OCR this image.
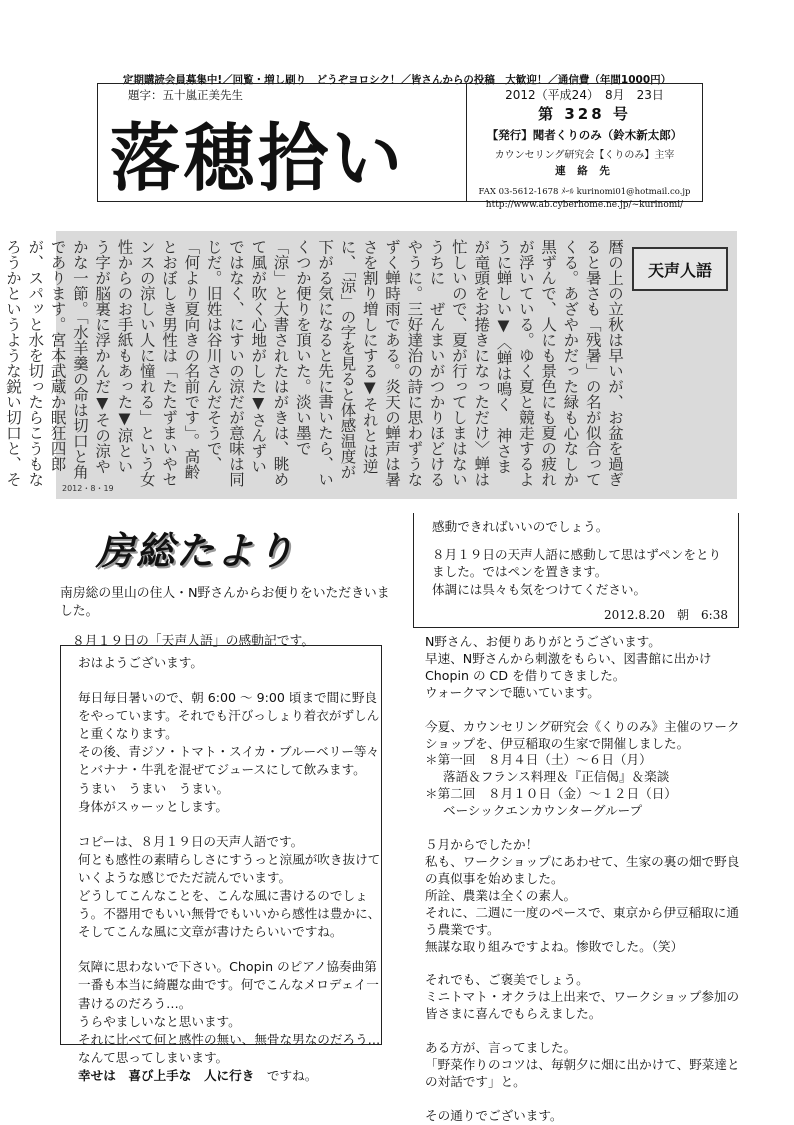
定期購読会員募集中!／回覧・増し刷り　どうぞヨロシク！／皆さんからの投稿　大歓迎！／通信費（年間1000円）
題字：五十嵐正美先生
落穂拾い
2012（平成24）　8月　23日
第 328 号
【発行】聞者くりのみ（鈴木新太郎）
カウンセリング研究会【くりのみ】主宰
連 絡 先
FAX 03-5612-1678 ﾒｰﾙ kurinomi01@hotmail.co.jp
http://www.ab.cyberhome.ne.jp/~kurinomi/
暦の上の立秋は早いが、お盆を過ぎると暑さも「残暑」の名が似合ってくる。あざやかだった緑も心なしか黒ずんで、人にも景色にも夏の疲れが浮いている。ゆく夏と競走するように蝉しい▼〈蝉は鳴く　神さまが竜頭をお捲きになっただけ〉蝉は忙しいので、夏が行ってしまはないうちに　ぜんまいがつかりほどけるやうに。三好達治の詩に思わずうなずく蝉時雨である。炎天の蝉声は暑さを割り増しにする▼それとは逆に、「涼」の字を見ると体感温度が下がる気になると先に書いたら、いくつか便りを頂いた。淡い墨で「涼」と大書されたはがきは、眺めて風が吹く心地がした▼さんずいではなく、にすいの涼だが意味は同じだ。旧姓は谷川さんだそうで、「何より夏向きの名前です」。高齢とおぼしき男性は「たたずまいやセンスの涼しい人に憧れる」という女性からのお手紙もあった▼涼という字が脳裏に浮かんだ▼その涼やかな一節。「水羊羹の命は切口と角であります。宮本武蔵か眠狂四郎が、スパッと水を切ったらこうもなろうかというような鋭い切口と、そ
天声人語
2012・8・19
房総たより

南房総の里山の住人・N野さんからお便りをいただきいました。

８月１９日の「天声人語」の感動記です。

おはようございます。

毎日毎日暑いので、朝 6:00 ～ 9:00 頃まで間に野良をやっています。それでも汗びっしょり着衣がずしんと重くなります。

その後、青ジソ・トマト・スイカ・ブルーベリー等々とバナナ・牛乳を混ぜてジュースにして飲みます。

うまい　うまい　うまい。

身体がスゥーッとします。

コピーは、８月１９日の天声人語です。

何とも感性の素晴らしさにすうっと涼風が吹き抜けていくような感じでただ読んでいます。

どうしてこんなことを、こんな風に書けるのでしょう。不器用でもいい無骨でもいいから感性は豊かに、そしてこんな風に文章が書けたらいいですね。

気障に思わないで下さい。Chopin のピアノ協奏曲第一番も本当に綺麗な曲です。何でこんなメロデェイ一書けるのだろう…。

うらやましいなと思います。

それに比べて何と感性の無い、無骨な男なのだろう…なんて思ってしまいます。

幸せは　喜び上手な　人に行き　 ですね。

感動できればいいのでしょう。

８月１９日の天声人語に感動して思はずペンをとりました。ではペンを置きます。

体調には呉々も気をつけてください。

2012.8.20　朝　6:38

N野さん、お便りありがとうございます。

早速、N野さんから刺激をもらい、図書館に出かけ Chopin の CD を借りてきました。

ウォークマンで聴いています。

今夏、カウンセリング研究会《くりのみ》主催のワークショップを、伊豆稲取の生家で開催しました。

＊第一回　８月４日（土）～６日（月）

落語＆フランス料理＆『正信偈』＆楽談

＊第二回　８月１０日（金）～１２日（日）

ベーシックエンカウンターグループ

５月からでしたか！

私も、ワークショップにあわせて、生家の裏の畑で野良の真似事を始めました。

所詮、農業は全くの素人。

それに、二週に一度のペースで、東京から伊豆稲取に通う農業です。

無謀な取り組みですよね。惨敗でした。（笑）

それでも、ご褒美でしょう。

ミニトマト・オクラは上出来で、ワークショップ参加の皆さまに喜んでもらえました。

ある方が、言ってました。

「野菜作りのコツは、毎朝夕に畑に出かけて、野菜達との対話です」と。

その通りでございます。
